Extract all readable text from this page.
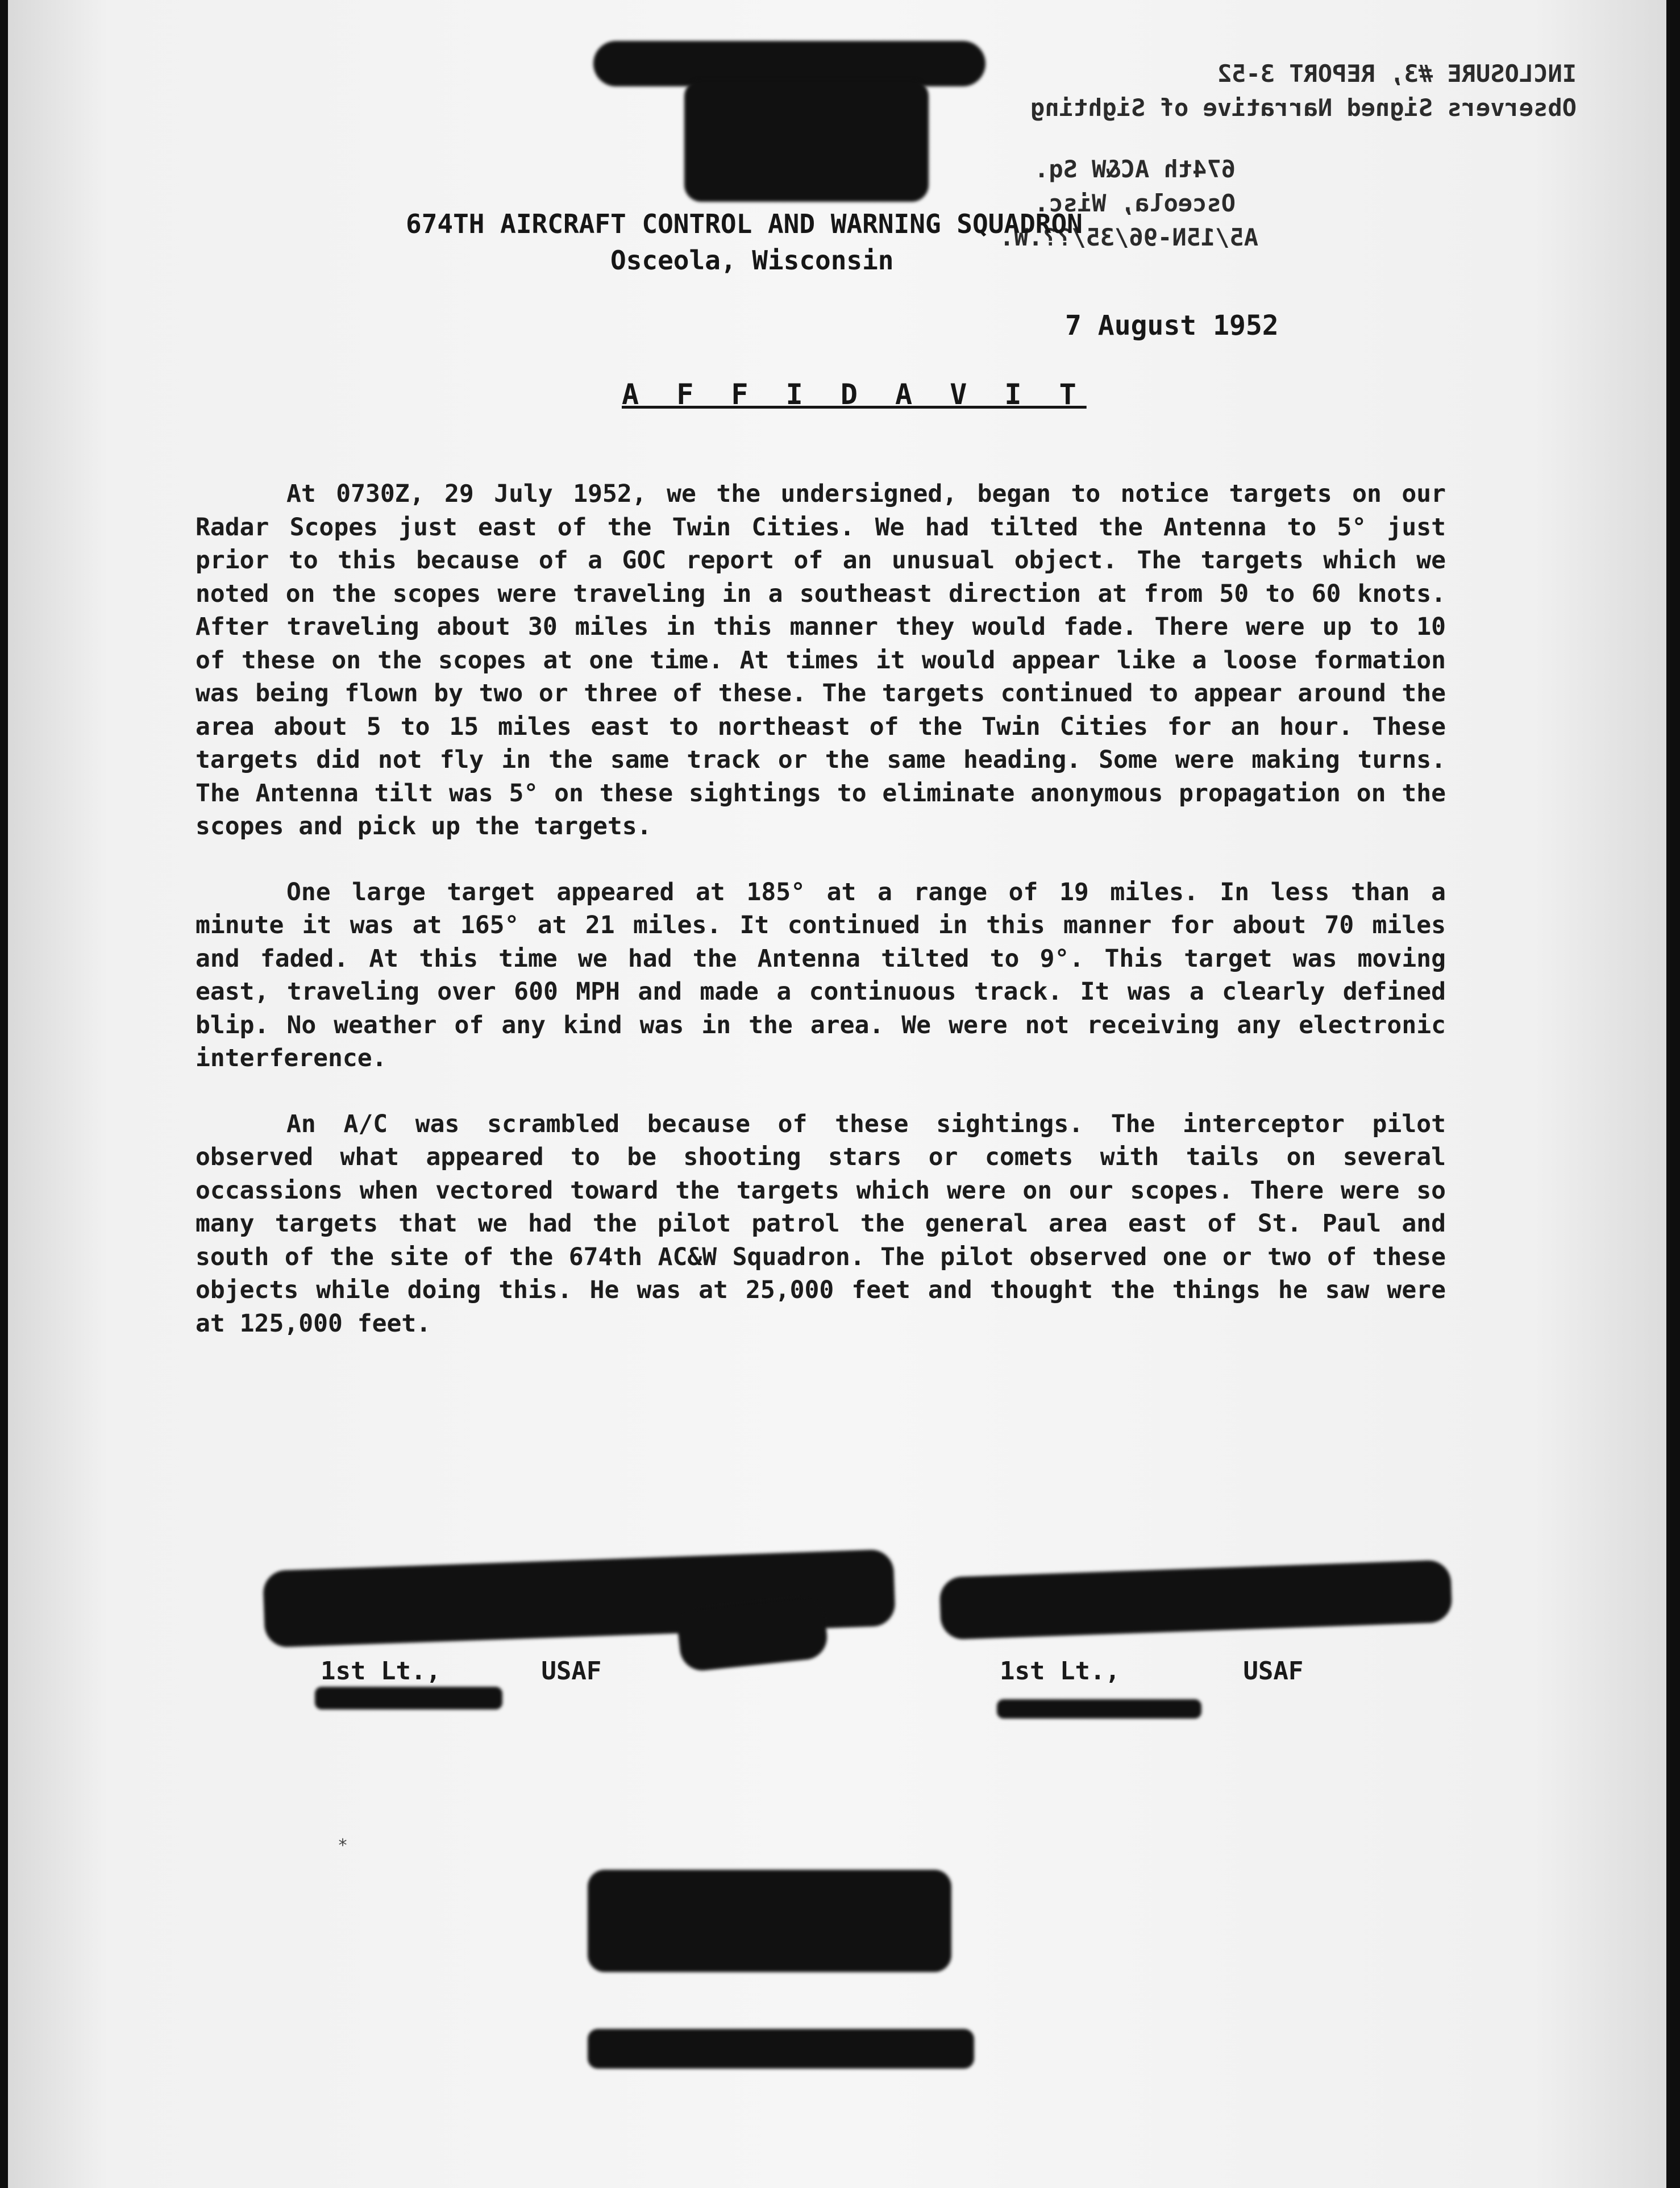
INCLOSURE #3, REPORT 3-52
Observers Signed Narrative of Sighting
674th AC&W Sq.
Osceola, Wisc.
A5/15N-96/35/??.W.
674TH AIRCRAFT CONTROL AND WARNING SQUADRON
Osceola, Wisconsin
7 August 1952
A F F I D A V I T

At 0730Z, 29 July 1952, we the undersigned, began to notice targets on our Radar Scopes just east of the Twin Cities. We had tilted the Antenna to 5° just prior to this because of a GOC report of an unusual object. The targets which we noted on the scopes were traveling in a southeast direction at from 50 to 60 knots. After traveling about 30 miles in this manner they would fade. There were up to 10 of these on the scopes at one time. At times it would appear like a loose formation was being flown by two or three of these. The targets continued to appear around the area about 5 to 15 miles east to northeast of the Twin Cities for an hour. These targets did not fly in the same track or the same heading. Some were making turns. The Antenna tilt was 5° on these sightings to eliminate anonymous propagation on the scopes and pick up the targets.

One large target appeared at 185° at a range of 19 miles. In less than a minute it was at 165° at 21 miles. It continued in this manner for about 70 miles and faded. At this time we had the Antenna tilted to 9°. This target was moving east, traveling over 600 MPH and made a continuous track. It was a clearly defined blip. No weather of any kind was in the area. We were not receiving any electronic interference.

An A/C was scrambled because of these sightings. The interceptor pilot observed what appeared to be shooting stars or comets with tails on several occassions when vectored toward the targets which were on our scopes. There were so many targets that we had the pilot patrol the general area east of St. Paul and south of the site of the 674th AC&W Squadron. The pilot observed one or two of these objects while doing this. He was at 25,000 feet and thought the things he saw were at 125,000 feet.

1st Lt.,	USAF	1st Lt.,	USAF
*
